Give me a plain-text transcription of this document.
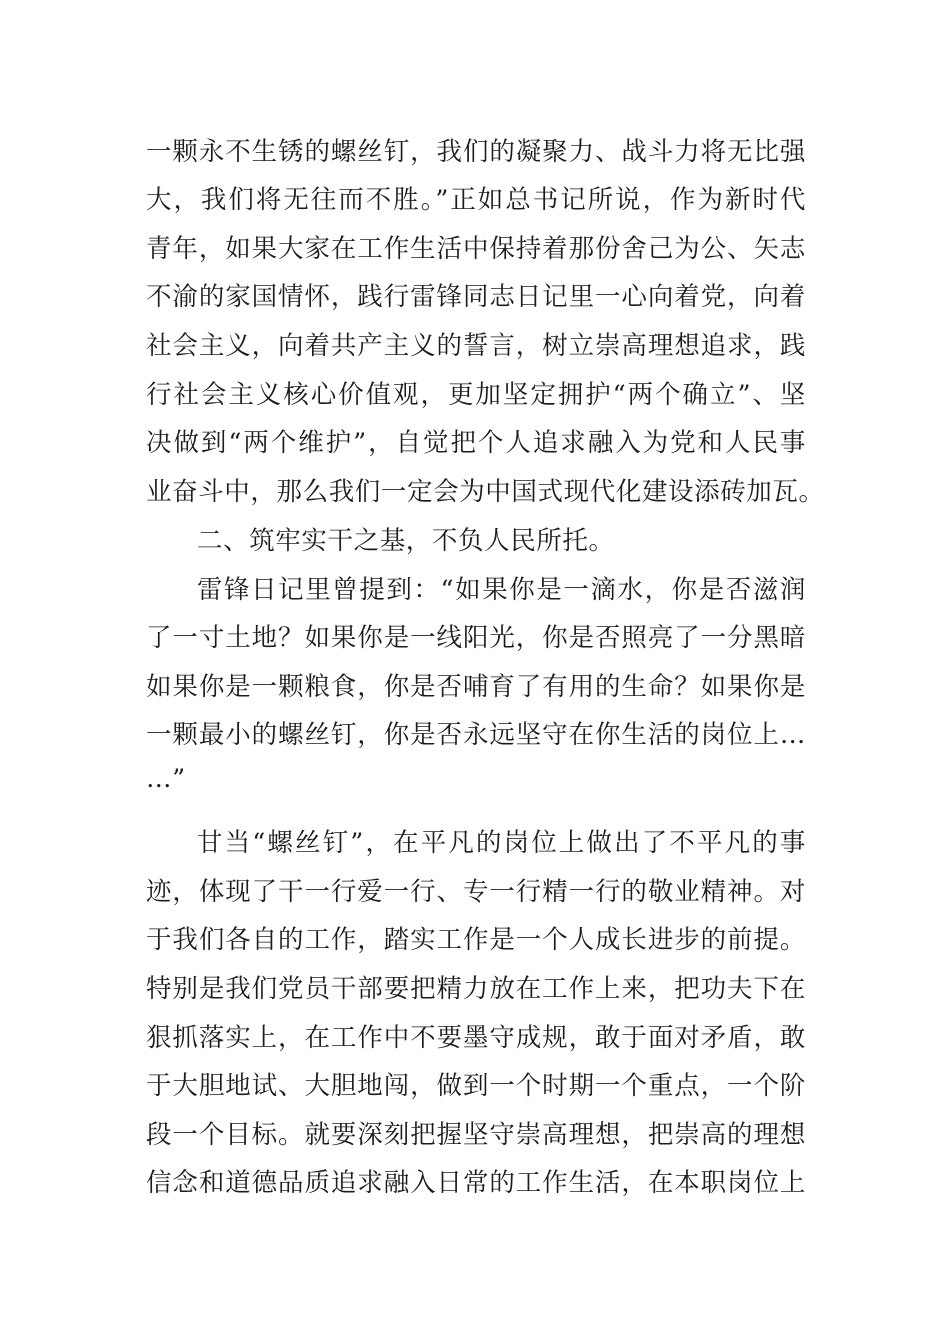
一颗永不生锈的螺丝钉，我们的凝聚力、战斗力将无比强
大，我们将无往而不胜。”正如总书记所说，作为新时代
青年，如果大家在工作生活中保持着那份舍己为公、矢志
不渝的家国情怀，践行雷锋同志日记里一心向着党，向着
社会主义，向着共产主义的誓言，树立崇高理想追求，践
行社会主义核心价值观，更加坚定拥护“两个确立”、坚
决做到“两个维护”，自觉把个人追求融入为党和人民事
业奋斗中，那么我们一定会为中国式现代化建设添砖加瓦。
二、筑牢实干之基，不负人民所托。
雷锋日记里曾提到：“如果你是一滴水，你是否滋润
了一寸土地？如果你是一线阳光，你是否照亮了一分黑暗
如果你是一颗粮食，你是否哺育了有用的生命？如果你是
一颗最小的螺丝钉，你是否永远坚守在你生活的岗位上…
…”
甘当“螺丝钉”，在平凡的岗位上做出了不平凡的事
迹，体现了干一行爱一行、专一行精一行的敬业精神。对
于我们各自的工作，踏实工作是一个人成长进步的前提。
特别是我们党员干部要把精力放在工作上来，把功夫下在
狠抓落实上，在工作中不要墨守成规，敢于面对矛盾，敢
于大胆地试、大胆地闯，做到一个时期一个重点，一个阶
段一个目标。就要深刻把握坚守崇高理想，把崇高的理想
信念和道德品质追求融入日常的工作生活，在本职岗位上
